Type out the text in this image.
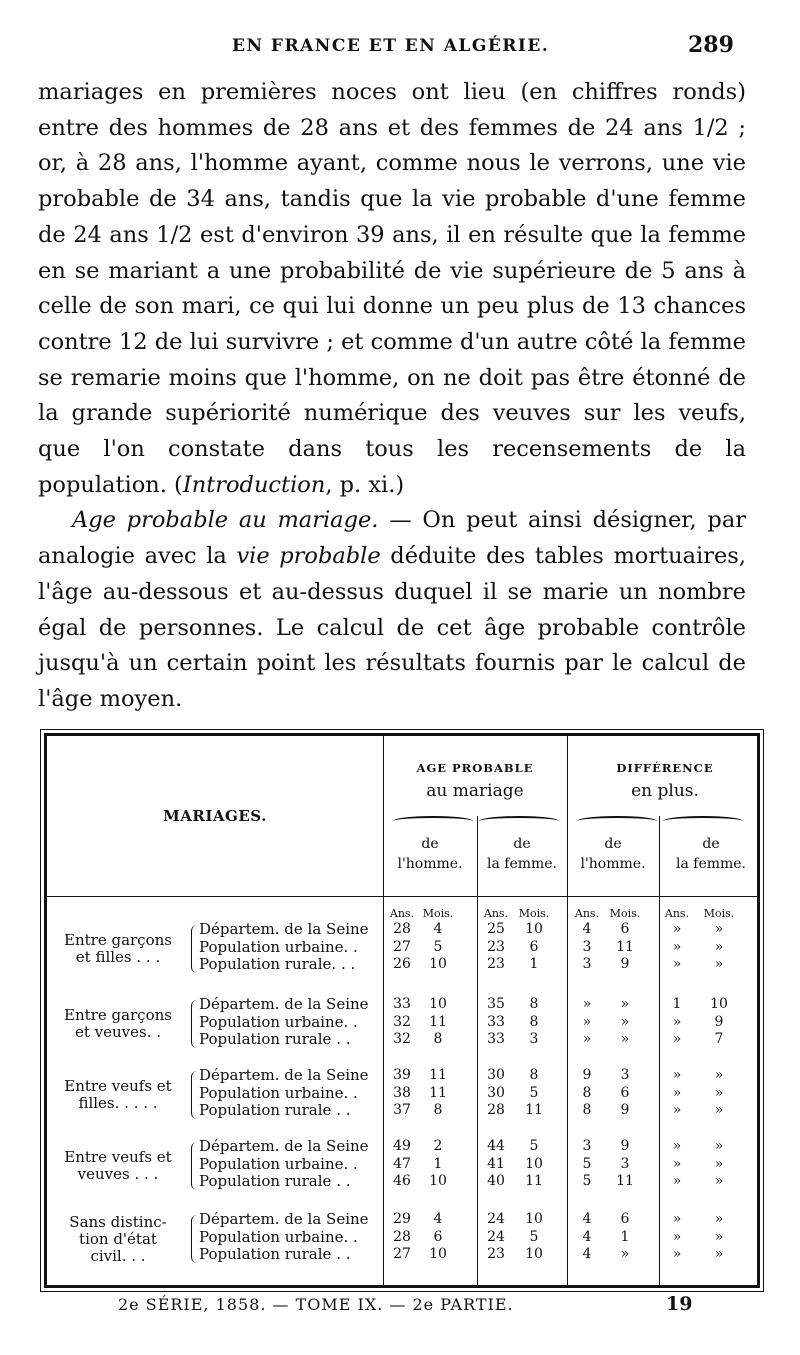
EN FRANCE ET EN ALGÉRIE.	289

mariages en premières noces ont lieu (en chiffres ronds) entre des hommes de 28 ans et des femmes de 24 ans 1/2 ; or, à 28 ans, l'homme ayant, comme nous le verrons, une vie probable de 34 ans, tandis que la vie probable d'une femme de 24 ans 1/2 est d'environ 39 ans, il en résulte que la femme en se mariant a une probabilité de vie supérieure de 5 ans à celle de son mari, ce qui lui donne un peu plus de 13 chances contre 12 de lui survivre ; et comme d'un autre côté la femme se remarie moins que l'homme, on ne doit pas être étonné de la grande supériorité numérique des veuves sur les veufs, que l'on constate dans tous les recensements de la population. (Introduction, p. xi.)

Age probable au mariage. — On peut ainsi désigner, par analogie avec la vie probable déduite des tables mortuaires, l'âge au-dessous et au-dessus duquel il se marie un nombre égal de personnes. Le calcul de cet âge probable contrôle jusqu'à un certain point les résultats fournis par le calcul de l'âge moyen.

MARIAGES.
AGE PROBABLE
au mariage
DIFFÉRENCE
en plus.
de
l'homme.
de
la femme.
de
l'homme.
de
la femme.
Ans. Mois.	Ans. Mois.	Ans. Mois.	Ans.	Mois.
Entre garçons
et filles . . .
Départem. de la Seine	28	4	25	10	4	6	»	»
Population urbaine. .	27	5	23	6	3	11	»	»
Population rurale. . .	26	10	23	1	3	9	»	»
Entre garçons
et veuves. .
Départem. de la Seine	33	10	35	8	»	»	1	10
Population urbaine. .	32	11	33	8	»	»	»	9
Population rurale . .	32	8	33	3	»	»	»	7
Entre veufs et
filles. . . . .
Départem. de la Seine	39	11	30	8	9	3	»	»
Population urbaine. .	38	11	30	5	8	6	»	»
Population rurale . .	37	8	28	11	8	9	»	»
Entre veufs et
veuves . . .
Départem. de la Seine	49	2	44	5	3	9	»	»
Population urbaine. .	47	1	41	10	5	3	»	»
Population rurale . .	46	10	40	11	5	11	»	»
Sans distinc-
tion d'état
civil. . .
Départem. de la Seine	29	4	24	10	4	6	»	»
Population urbaine. .	28	6	24	5	4	1	»	»
Population rurale . .	27	10	23	10	4	»	»	»
2e SÉRIE, 1858. — TOME IX. — 2e PARTIE.	19
